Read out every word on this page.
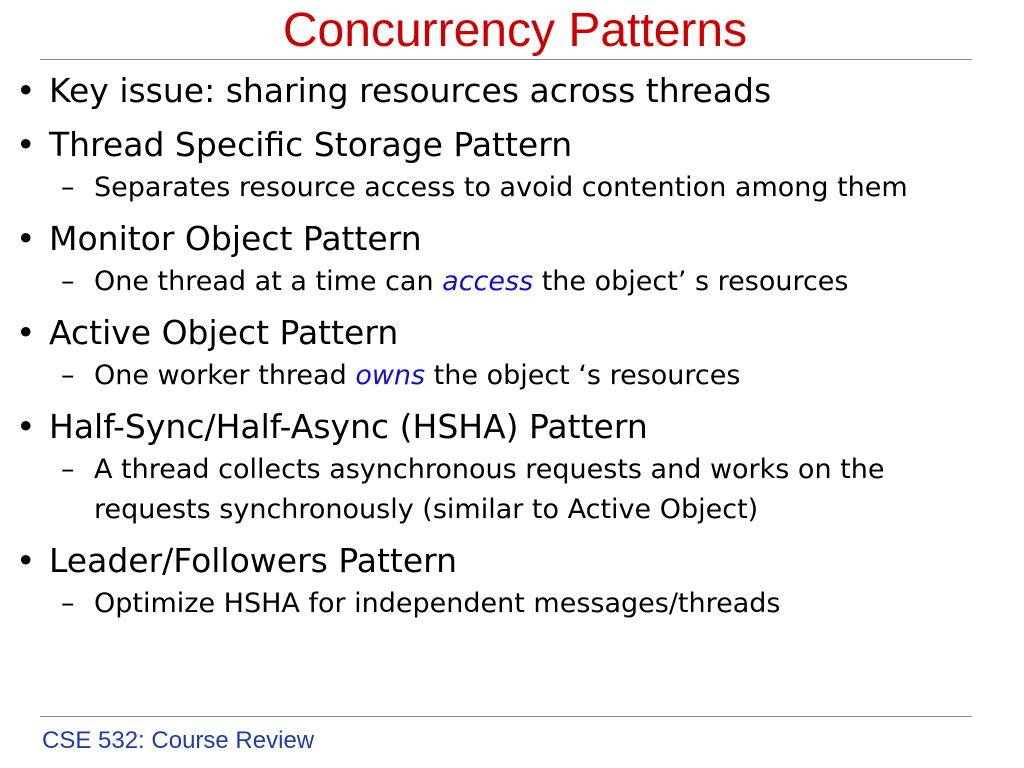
Concurrency Patterns
• Key issue: sharing resources across threads
• Thread Specific Storage Pattern
– Separates resource access to avoid contention among them
• Monitor Object Pattern
– One thread at a time can access the object’ s resources
• Active Object Pattern
– One worker thread owns the object ‘s resources
• Half-Sync/Half-Async (HSHA) Pattern
– A thread collects asynchronous requests and works on the requests synchronously (similar to Active Object)
• Leader/Followers Pattern
– Optimize HSHA for independent messages/threads
CSE 532: Course Review
